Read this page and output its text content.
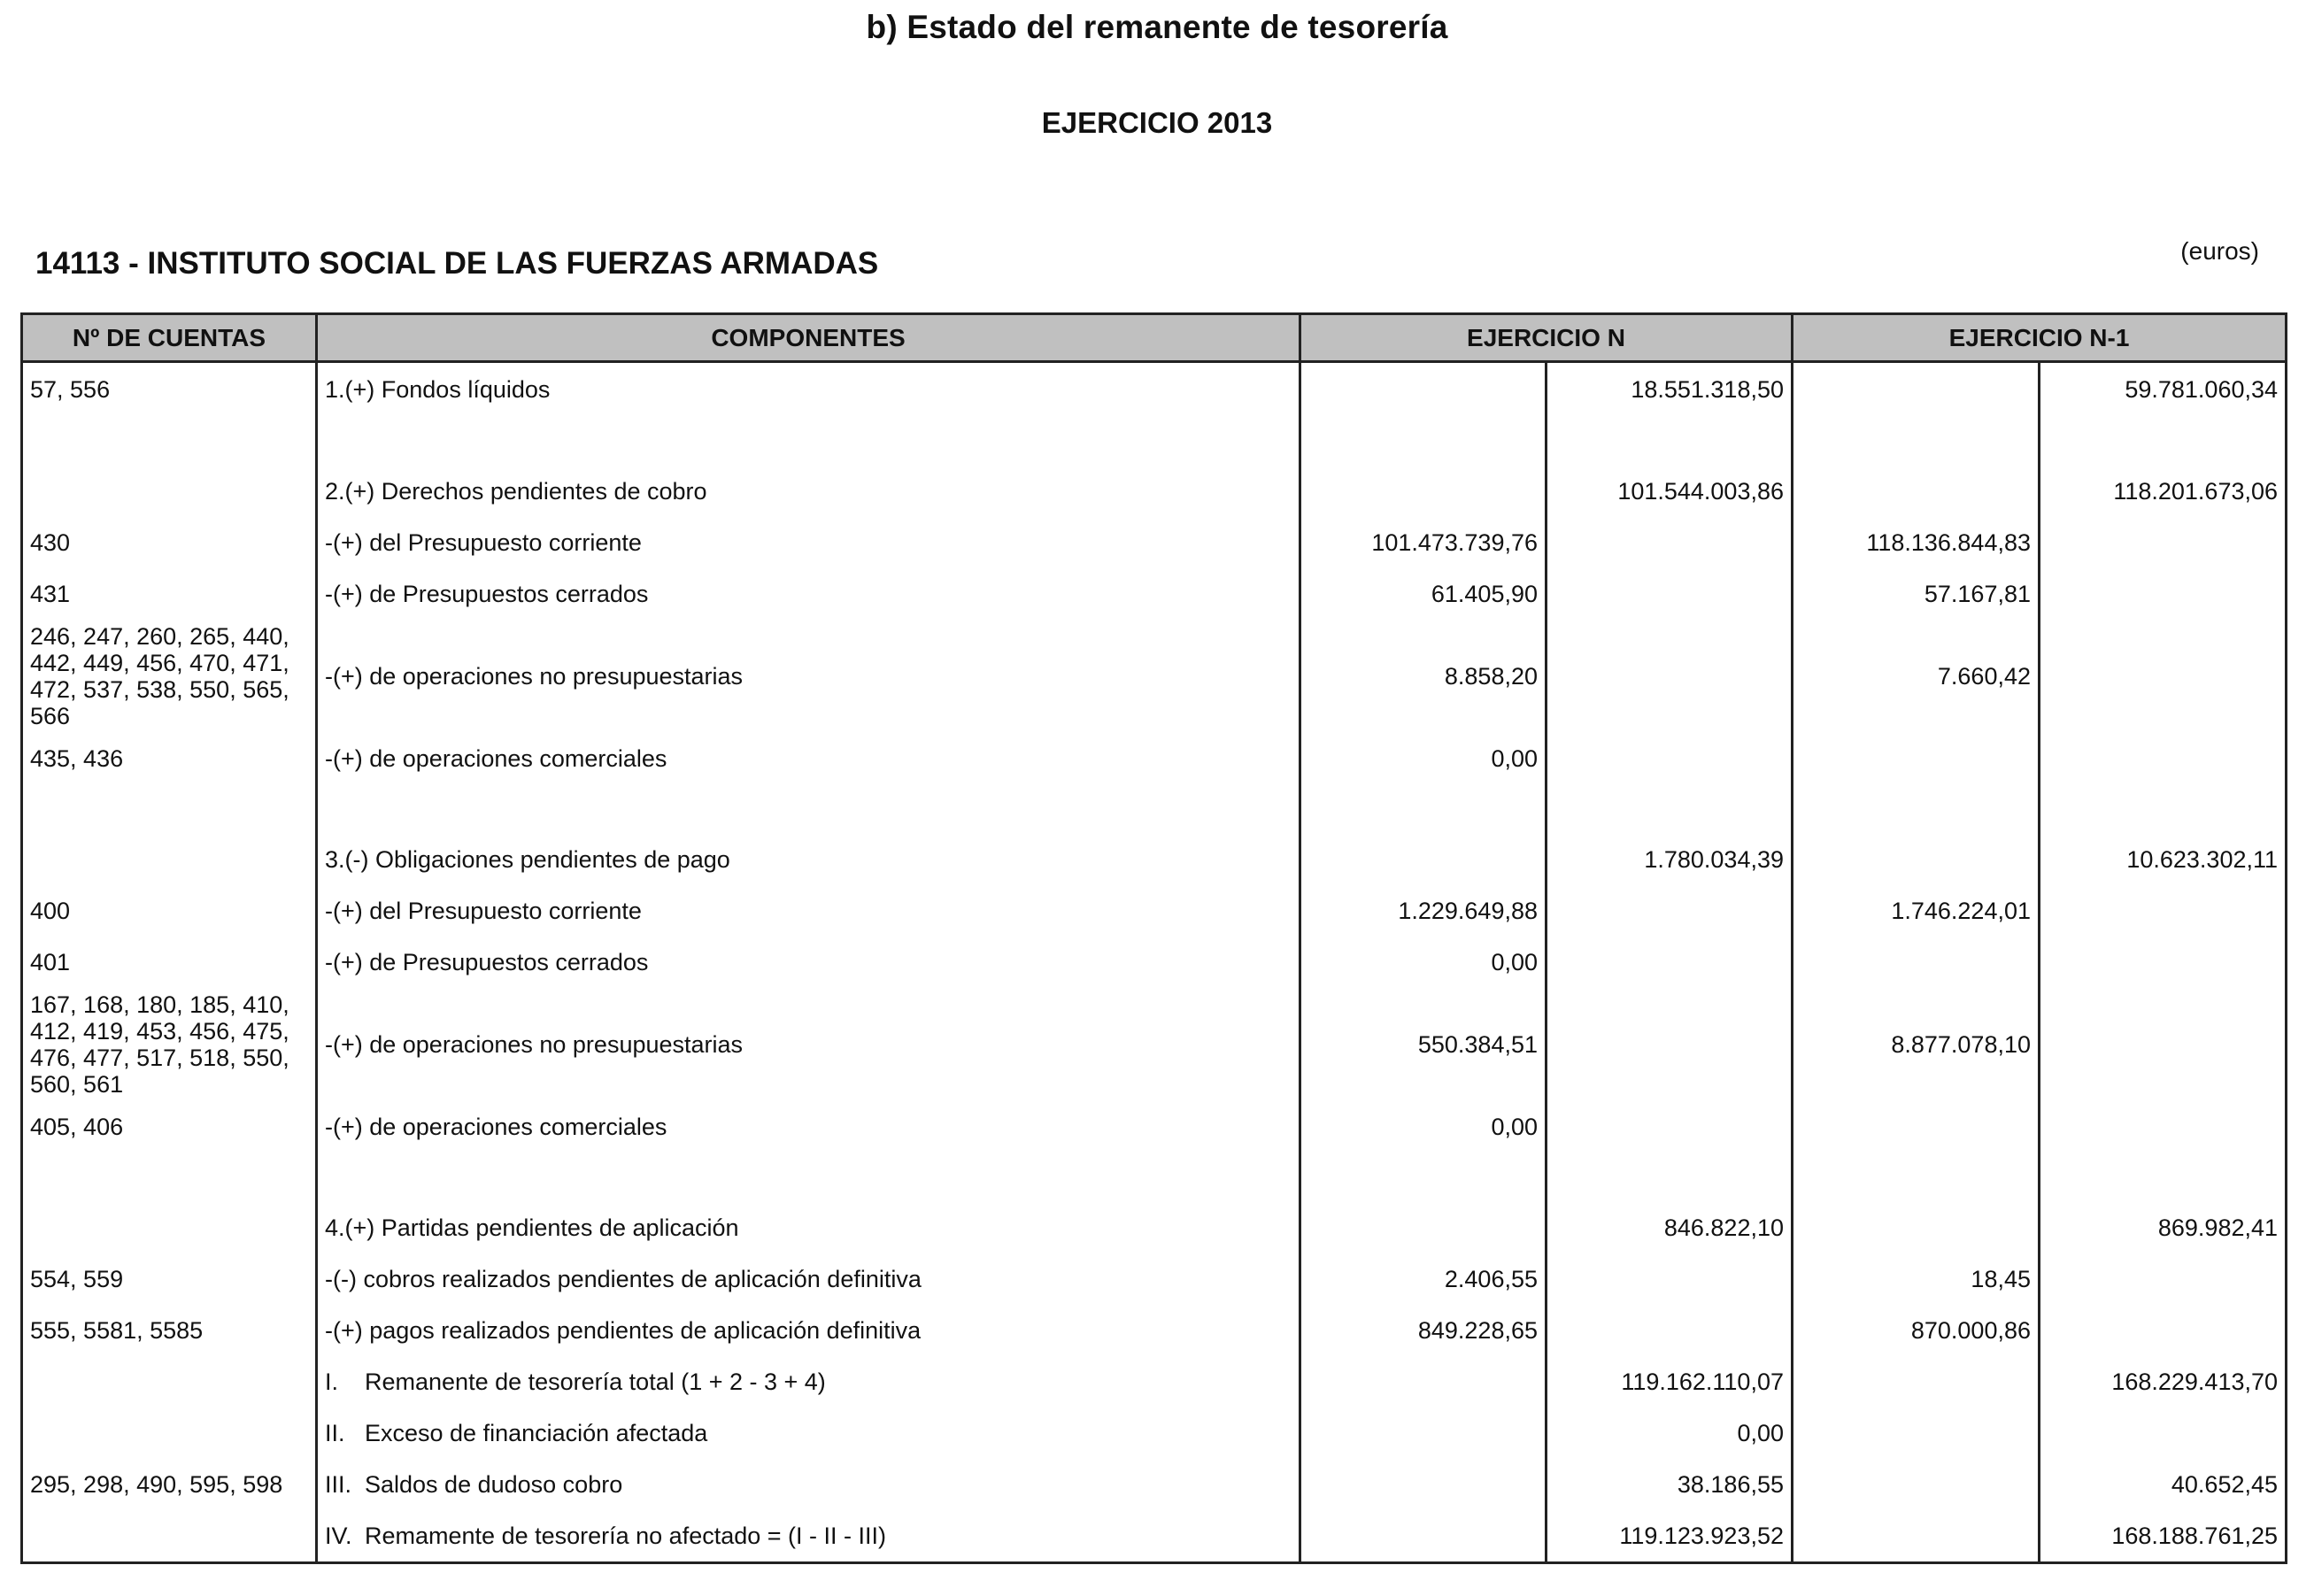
b) Estado del remanente de tesorería
EJERCICIO 2013
14113 - INSTITUTO SOCIAL DE LAS FUERZAS ARMADAS	(euros)
Nº DE CUENTAS	COMPONENTES	EJERCICIO N		EJERCICIO N-1	
57, 556	1.(+) Fondos líquidos		18.551.318,50		59.781.060,34

	2.(+) Derechos pendientes de cobro		101.544.003,86		118.201.673,06
430	-(+) del Presupuesto corriente	101.473.739,76		118.136.844,83	
431	-(+) de Presupuestos cerrados	61.405,90		57.167,81	
246, 247, 260, 265, 440, 442, 449, 456, 470, 471, 472, 537, 538, 550, 565, 566	-(+) de operaciones no presupuestarias	8.858,20		7.660,42	
435, 436	-(+) de operaciones comerciales	0,00			

	3.(-) Obligaciones pendientes de pago		1.780.034,39		10.623.302,11
400	-(+) del Presupuesto corriente	1.229.649,88		1.746.224,01	
401	-(+) de Presupuestos cerrados	0,00			
167, 168, 180, 185, 410, 412, 419, 453, 456, 475, 476, 477, 517, 518, 550, 560, 561	-(+) de operaciones no presupuestarias	550.384,51		8.877.078,10	
405, 406	-(+) de operaciones comerciales	0,00			

	4.(+) Partidas pendientes de aplicación		846.822,10		869.982,41
554, 559	-(-) cobros realizados pendientes de aplicación definitiva	2.406,55		18,45	
555, 5581, 5585	-(+) pagos realizados pendientes de aplicación definitiva	849.228,65		870.000,86	
	I. Remanente de tesorería total (1 + 2 - 3 + 4)		119.162.110,07		168.229.413,70
	II. Exceso de financiación afectada		0,00		
295, 298, 490, 595, 598	III. Saldos de dudoso cobro		38.186,55		40.652,45
	IV. Remamente de tesorería no afectado = (I - II - III)		119.123.923,52		168.188.761,25
